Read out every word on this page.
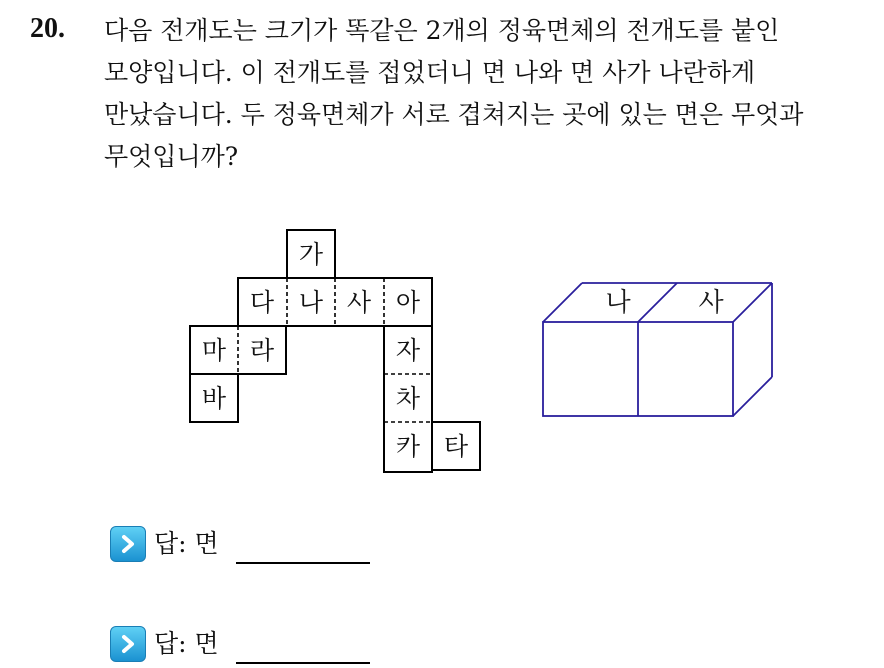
20. 다음 전개도는 크기가 똑같은 2개의 정육면체의 전개도를 붙인
모양입니다. 이 전개도를 접었더니 면 나와 면 사가 나란하게
만났습니다. 두 정육면체가 서로 겹쳐지는 곳에 있는 면은 무엇과
무엇입니까?
가
다 나 사 아
마 라	자
바	차
카 타
나	사
답: 면
답: 면
